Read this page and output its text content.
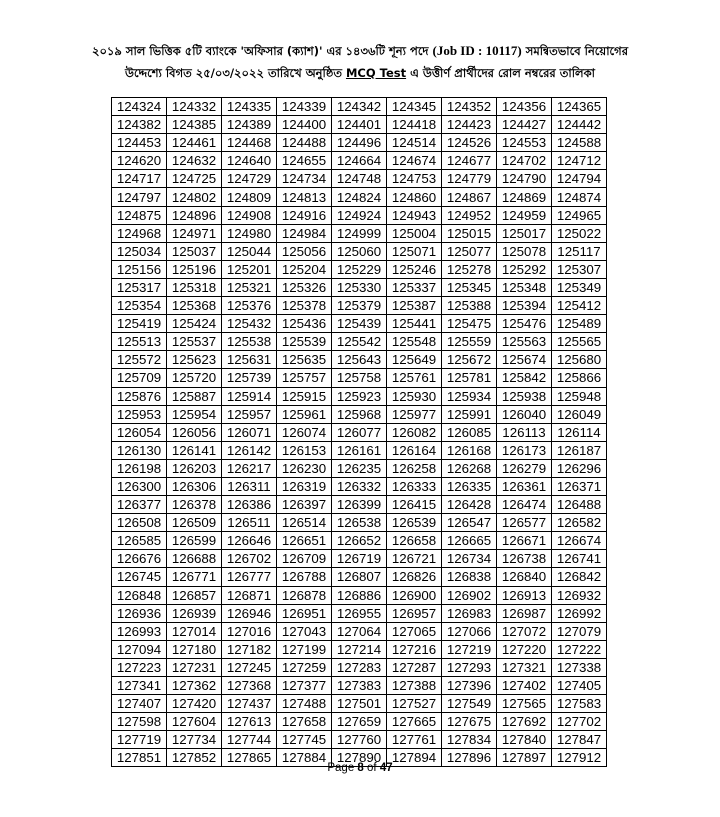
২০১৯ সাল ভিত্তিক ৫টি ব্যাংকে 'অফিসার (ক্যাশ)' এর ১৪৩৬টি শূন্য পদে (Job ID : 10117) সমন্বিতভাবে নিয়োগের
উদ্দেশ্যে বিগত ২৫/০৩/২০২২ তারিখে অনুষ্ঠিত MCQ Test এ উত্তীর্ণ প্রার্থীদের রোল নম্বরের তালিকা
124324	124332	124335	124339	124342	124345	124352	124356	124365
124382	124385	124389	124400	124401	124418	124423	124427	124442
124453	124461	124468	124488	124496	124514	124526	124553	124588
124620	124632	124640	124655	124664	124674	124677	124702	124712
124717	124725	124729	124734	124748	124753	124779	124790	124794
124797	124802	124809	124813	124824	124860	124867	124869	124874
124875	124896	124908	124916	124924	124943	124952	124959	124965
124968	124971	124980	124984	124999	125004	125015	125017	125022
125034	125037	125044	125056	125060	125071	125077	125078	125117
125156	125196	125201	125204	125229	125246	125278	125292	125307
125317	125318	125321	125326	125330	125337	125345	125348	125349
125354	125368	125376	125378	125379	125387	125388	125394	125412
125419	125424	125432	125436	125439	125441	125475	125476	125489
125513	125537	125538	125539	125542	125548	125559	125563	125565
125572	125623	125631	125635	125643	125649	125672	125674	125680
125709	125720	125739	125757	125758	125761	125781	125842	125866
125876	125887	125914	125915	125923	125930	125934	125938	125948
125953	125954	125957	125961	125968	125977	125991	126040	126049
126054	126056	126071	126074	126077	126082	126085	126113	126114
126130	126141	126142	126153	126161	126164	126168	126173	126187
126198	126203	126217	126230	126235	126258	126268	126279	126296
126300	126306	126311	126319	126332	126333	126335	126361	126371
126377	126378	126386	126397	126399	126415	126428	126474	126488
126508	126509	126511	126514	126538	126539	126547	126577	126582
126585	126599	126646	126651	126652	126658	126665	126671	126674
126676	126688	126702	126709	126719	126721	126734	126738	126741
126745	126771	126777	126788	126807	126826	126838	126840	126842
126848	126857	126871	126878	126886	126900	126902	126913	126932
126936	126939	126946	126951	126955	126957	126983	126987	126992
126993	127014	127016	127043	127064	127065	127066	127072	127079
127094	127180	127182	127199	127214	127216	127219	127220	127222
127223	127231	127245	127259	127283	127287	127293	127321	127338
127341	127362	127368	127377	127383	127388	127396	127402	127405
127407	127420	127437	127488	127501	127527	127549	127565	127583
127598	127604	127613	127658	127659	127665	127675	127692	127702
127719	127734	127744	127745	127760	127761	127834	127840	127847
127851	127852	127865	127884	127890	127894	127896	127897	127912
Page 8 of 47
